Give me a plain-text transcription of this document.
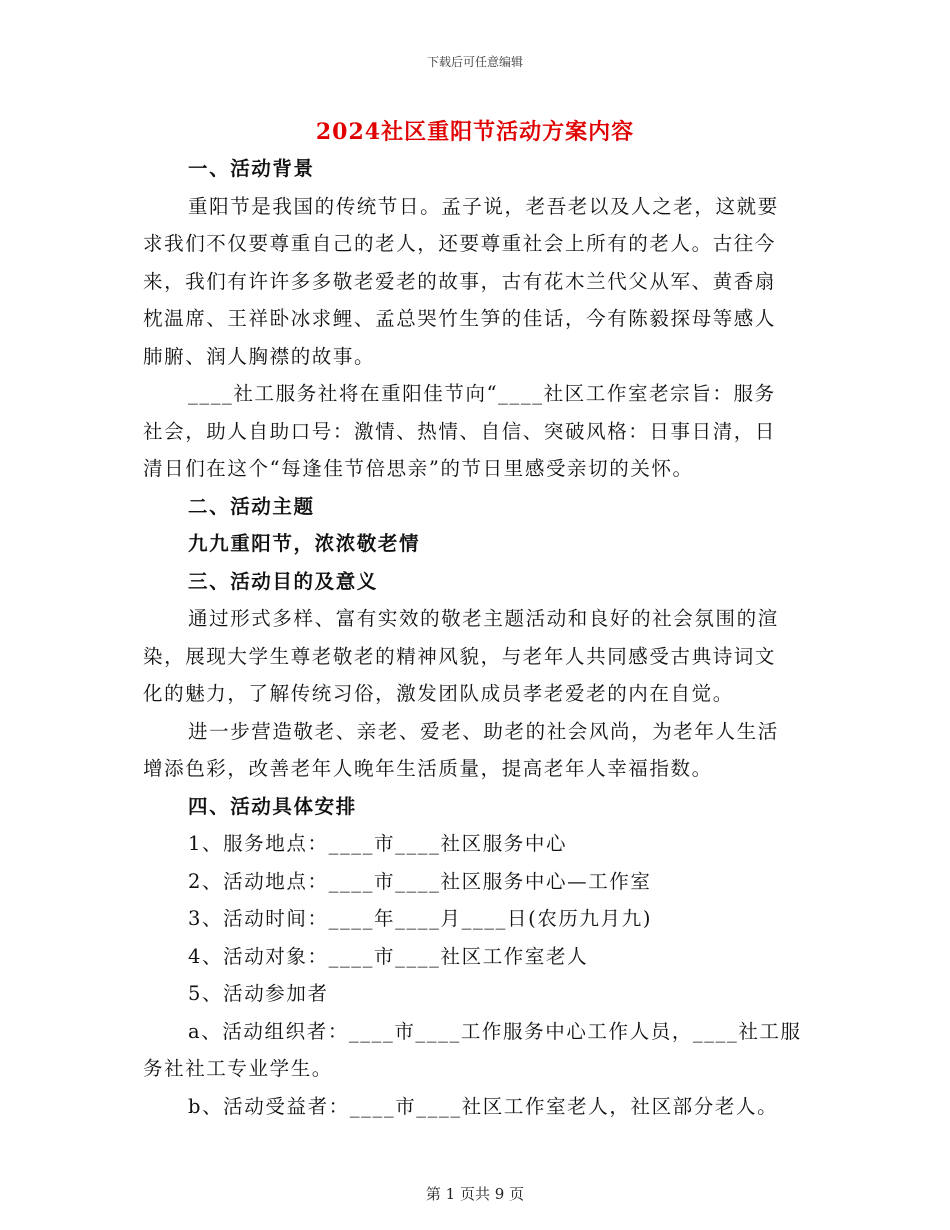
下载后可任意编辑
2024社区重阳节活动方案内容
一、活动背景
重阳节是我国的传统节日。孟子说，老吾老以及人之老，这就要
求我们不仅要尊重自己的老人，还要尊重社会上所有的老人。古往今
来，我们有许许多多敬老爱老的故事，古有花木兰代父从军、黄香扇
枕温席、王祥卧冰求鲤、孟总哭竹生笋的佳话，今有陈毅探母等感人
肺腑、润人胸襟的故事。
____社工服务社将在重阳佳节向“____社区工作室老宗旨：服务
社会，助人自助口号：激情、热情、自信、突破风格：日事日清，日
清日们在这个“每逢佳节倍思亲”的节日里感受亲切的关怀。
二、活动主题
九九重阳节，浓浓敬老情
三、活动目的及意义
通过形式多样、富有实效的敬老主题活动和良好的社会氛围的渲
染，展现大学生尊老敬老的精神风貌，与老年人共同感受古典诗词文
化的魅力，了解传统习俗，激发团队成员孝老爱老的内在自觉。
进一步营造敬老、亲老、爱老、助老的社会风尚，为老年人生活
增添色彩，改善老年人晚年生活质量，提高老年人幸福指数。
四、活动具体安排
1、服务地点：____市____社区服务中心
2、活动地点：____市____社区服务中心—工作室
3、活动时间：____年____月____日(农历九月九)
4、活动对象：____市____社区工作室老人
5、活动参加者
a、活动组织者：____市____工作服务中心工作人员，____社工服
务社社工专业学生。
b、活动受益者：____市____社区工作室老人，社区部分老人。
第 1 页共 9 页
